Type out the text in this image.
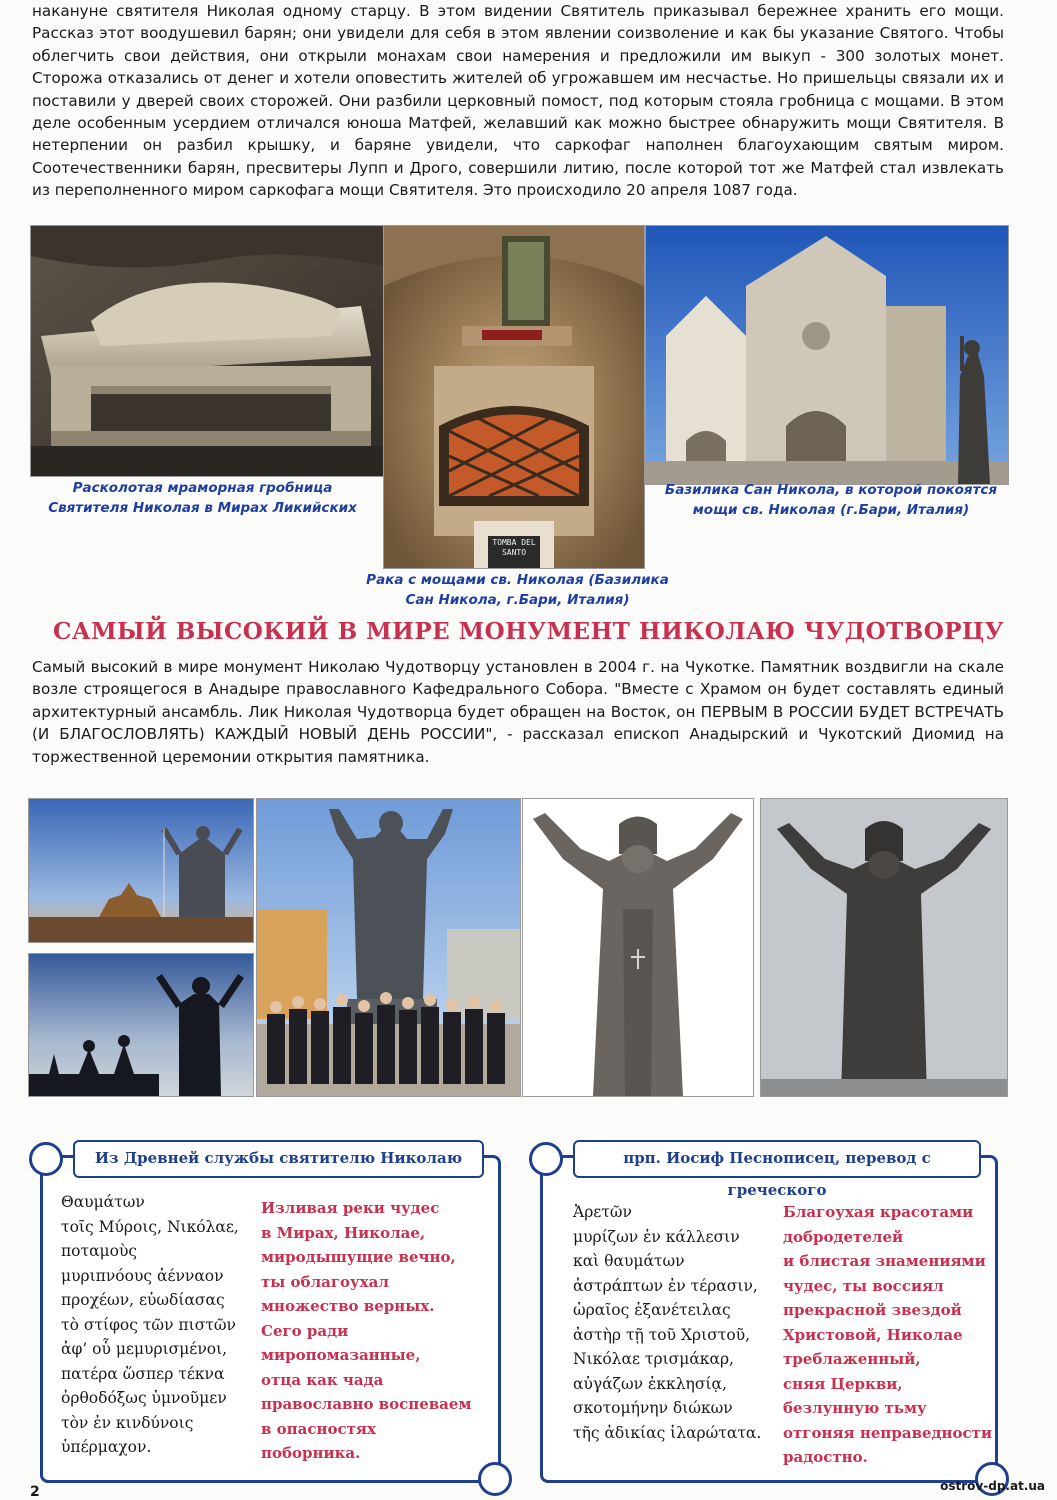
накануне святителя Николая одному старцу. В этом видении Святитель приказывал бережнее хранить его мощи. Рассказ этот воодушевил барян; они увидели для себя в этом явлении соизволение и как бы указание Святого. Чтобы облегчить свои действия, они открыли монахам свои намерения и предложили им выкуп - 300 золотых монет. Сторожа отказались от денег и хотели оповестить жителей об угрожавшем им несчастье. Но пришельцы связали их и поставили у дверей своих сторожей. Они разбили церковный помост, под которым стояла гробница с мощами. В этом деле особенным усердием отличался юноша Матфей, желавший как можно быстрее обнаружить мощи Святителя. В нетерпении он разбил крышку, и баряне увидели, что саркофаг наполнен благоухающим святым миром. Соотечественники барян, пресвитеры Лупп и Дрого, совершили литию, после которой тот же Матфей стал извлекать из переполненного миром саркофага мощи Святителя. Это происходило 20 апреля 1087 года.

TOMBA DEL SANTO

Расколотая мраморная гробница Святителя Николая в Мирах Ликийских

Рака с мощами св. Николая (Базилика Сан Никола, г.Бари, Италия)

Базилика Сан Никола, в которой покоятся мощи св. Николая (г.Бари, Италия)

САМЫЙ ВЫСОКИЙ В МИРЕ МОНУМЕНТ НИКОЛАЮ ЧУДОТВОРЦУ

Самый высокий в мире монумент Николаю Чудотворцу установлен в 2004 г. на Чукотке. Памятник воздвигли на скале возле строящегося в Анадыре православного Кафедрального Собора. "Вместе с Храмом он будет составлять единый архитектурный ансамбль. Лик Николая Чудотворца будет обращен на Восток, он ПЕРВЫМ В РОССИИ БУДЕТ ВСТРЕЧАТЬ (И БЛАГОСЛОВЛЯТЬ) КАЖДЫЙ НОВЫЙ ДЕНЬ РОССИИ", - рассказал епископ Анадырский и Чукотский Диомид на торжественной церемонии открытия памятника.

Из Древней службы святителю Николаю
Θαυμάτων
τοῖς Μύροις, Νικόλαε,
ποταμοὺς
μυριπνόους ἀένναον
προχέων, εὐωδίασας
τὸ στίφος τῶν πιστῶν
ἀφ’ οὗ μεμυρισμένοι,
πατέρα ὥσπερ τέκνα
ὀρθοδόξως ὑμνοῦμεν
τὸν ἐν κινδύνοις
ὑπέρμαχον.
Изливая реки чудес
в Мирах, Николае,
миродышущие вечно,
ты облагоухал
множество верных.
Сего ради
миропомазанные,
отца как чада
православно воспеваем
в опасностях
поборника.
прп. Иосиф Песнописец, перевод с греческого
Ἀρετῶν
μυρίζων ἐν κάλλεσιν
καὶ θαυμάτων
ἀστράπτων ἐν τέρασιν,
ὡραῖος ἐξανέτειλας
ἀστὴρ τῇ τοῦ Χριστοῦ,
Νικόλαε τρισμάκαρ,
αὐγάζων ἐκκλησίᾳ,
σκοτομήνην διώκων
τῆς ἀδικίας ἱλαρώτατα.
Благоухая красотами
добродетелей
и блистая знамениями
чудес, ты воссиял
прекрасной звездой
Христовой, Николае
треблаженный,
сняя Церкви,
безлунную тьму
отгоняя неправедности
радостно.
2	ostrov-dp.at.ua
